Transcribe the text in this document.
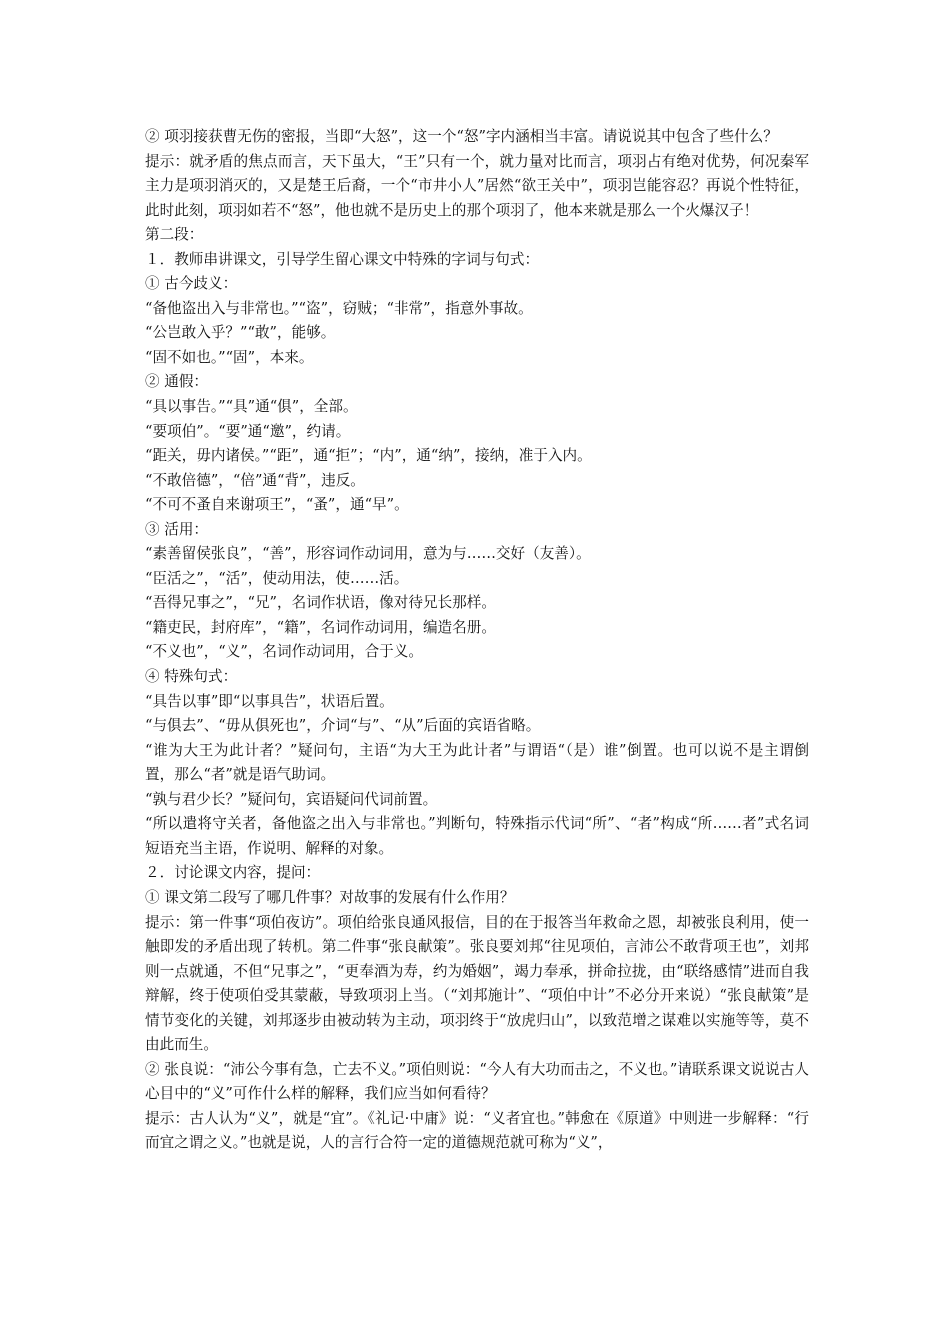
② 项羽接获曹无伤的密报，当即“大怒”，这一个“怒”字内涵相当丰富。请说说其中包含了些什么？

提示：就矛盾的焦点而言，天下虽大，“王”只有一个，就力量对比而言，项羽占有绝对优势，何况秦军主力是项羽消灭的，又是楚王后裔，一个“市井小人”居然“欲王关中”，项羽岂能容忍？再说个性特征，此时此刻，项羽如若不“怒”，他也就不是历史上的那个项羽了，他本来就是那么一个火爆汉子！

第二段：

１．教师串讲课文，引导学生留心课文中特殊的字词与句式：

① 古今歧义：

“备他盗出入与非常也。”“盗”，窃贼；“非常”，指意外事故。

“公岂敢入乎？”“敢”，能够。

“固不如也。”“固”，本来。

② 通假：

“具以事告。”“具”通“俱”，全部。

“要项伯”。“要”通“邀”，约请。

“距关，毋内诸侯。”“距”，通“拒”；“内”，通“纳”，接纳，准于入内。

“不敢倍德”，“倍”通“背”，违反。

“不可不蚤自来谢项王”，“蚤”，通“早”。

③ 活用：

“素善留侯张良”，“善”，形容词作动词用，意为与……交好（友善）。

“臣活之”，“活”，使动用法，使……活。

“吾得兄事之”，“兄”，名词作状语，像对待兄长那样。

“籍吏民，封府库”，“籍”，名词作动词用，编造名册。

“不义也”，“义”，名词作动词用，合于义。

④ 特殊句式：

“具告以事”即“以事具告”，状语后置。

“与俱去”、“毋从俱死也”，介词“与”、“从”后面的宾语省略。

“谁为大王为此计者？”疑问句，主语“为大王为此计者”与谓语“（是）谁”倒置。也可以说不是主谓倒置，那么“者”就是语气助词。

“孰与君少长？”疑问句，宾语疑问代词前置。

“所以遣将守关者，备他盗之出入与非常也。”判断句，特殊指示代词“所”、“者”构成“所……者”式名词短语充当主语，作说明、解释的对象。

２．讨论课文内容，提问：

① 课文第二段写了哪几件事？对故事的发展有什么作用？

提示：第一件事“项伯夜访”。项伯给张良通风报信，目的在于报答当年救命之恩，却被张良利用，使一触即发的矛盾出现了转机。第二件事“张良献策”。张良要刘邦“往见项伯，言沛公不敢背项王也”，刘邦则一点就通，不但“兄事之”，“更奉酒为寿，约为婚姻”，竭力奉承，拼命拉拢，由“联络感情”进而自我辩解，终于使项伯受其蒙蔽，导致项羽上当。（“刘邦施计”、“项伯中计”不必分开来说）“张良献策”是情节变化的关键，刘邦逐步由被动转为主动，项羽终于“放虎归山”，以致范增之谋难以实施等等，莫不由此而生。

② 张良说：“沛公今事有急，亡去不义。”项伯则说：“今人有大功而击之，不义也。”请联系课文说说古人心目中的“义”可作什么样的解释，我们应当如何看待？

提示：古人认为“义”，就是“宜”。《礼记·中庸》说：“义者宜也。”韩愈在《原道》中则进一步解释：“行而宜之谓之义。”也就是说，人的言行合符一定的道德规范就可称为“义”，
